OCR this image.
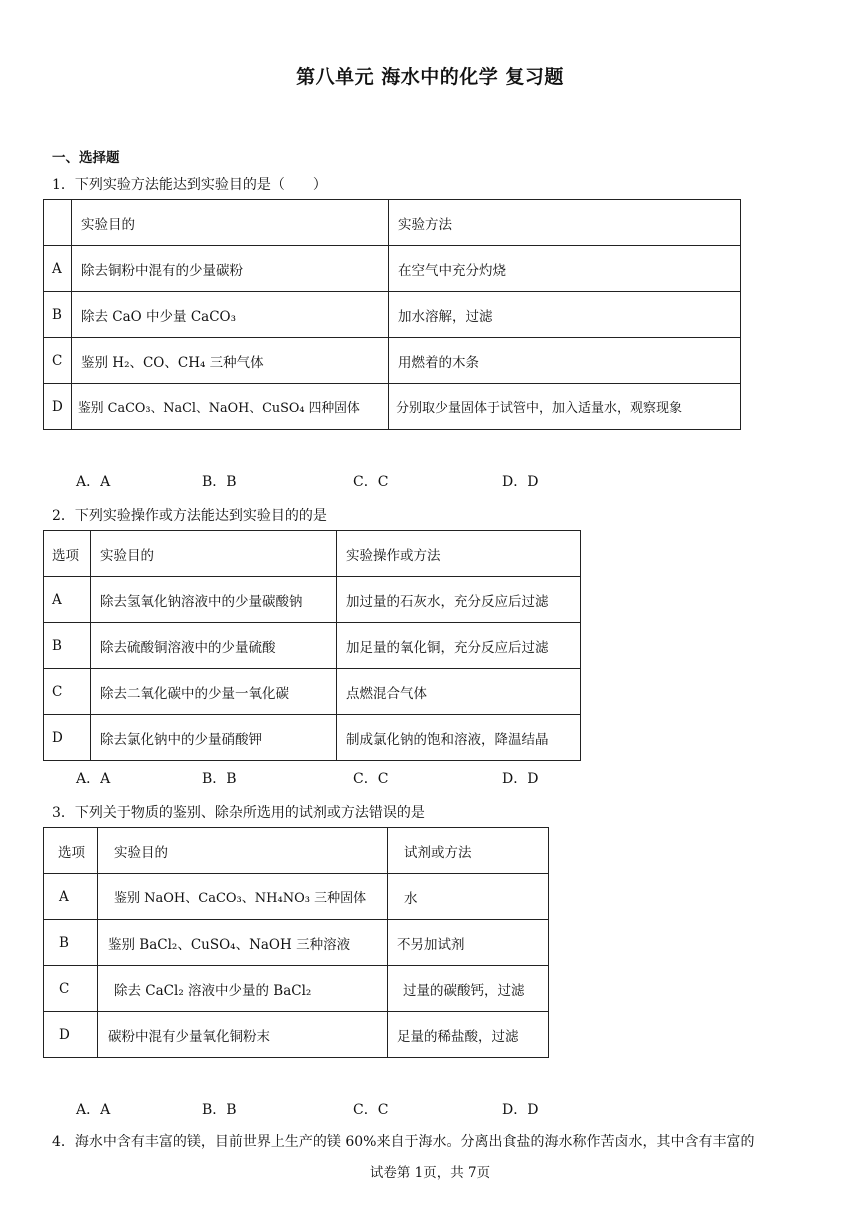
第八单元 海水中的化学 复习题
一、选择题
1．下列实验方法能达到实验目的是（　　）
	实验目的	实验方法
A	除去铜粉中混有的少量碳粉	在空气中充分灼烧
B	除去 CaO 中少量 CaCO₃	加水溶解，过滤
C	鉴别 H₂、CO、CH₄ 三种气体	用燃着的木条
D	鉴别 CaCO₃、NaCl、NaOH、CuSO₄ 四种固体	分别取少量固体于试管中，加入适量水，观察现象
A．A	B．B	C．C	D．D
2．下列实验操作或方法能达到实验目的的是
选项	实验目的	实验操作或方法
A	除去氢氧化钠溶液中的少量碳酸钠	加过量的石灰水，充分反应后过滤
B	除去硫酸铜溶液中的少量硫酸	加足量的氧化铜，充分反应后过滤
C	除去二氧化碳中的少量一氧化碳	点燃混合气体
D	除去氯化钠中的少量硝酸钾	制成氯化钠的饱和溶液，降温结晶
A．A	B．B	C．C	D．D
3．下列关于物质的鉴别、除杂所选用的试剂或方法错误的是
选项	实验目的	试剂或方法
A	鉴别 NaOH、CaCO₃、NH₄NO₃ 三种固体	水
B	鉴别 BaCl₂、CuSO₄、NaOH 三种溶液	不另加试剂
C	除去 CaCl₂ 溶液中少量的 BaCl₂	过量的碳酸钙，过滤
D	碳粉中混有少量氧化铜粉末	足量的稀盐酸，过滤
A．A	B．B	C．C	D．D
4．海水中含有丰富的镁，目前世界上生产的镁 60%来自于海水。分离出食盐的海水称作苦卤水，其中含有丰富的
试卷第 1页，共 7页
